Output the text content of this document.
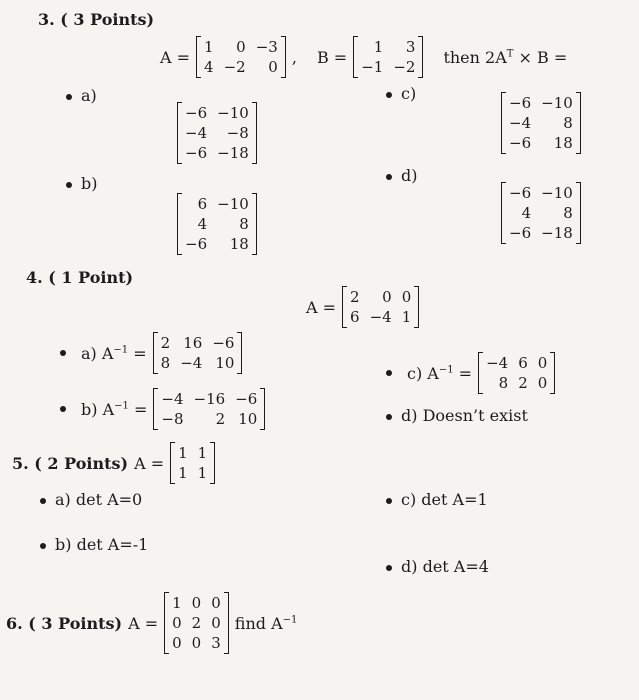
3. ( 3 Points)
A =
1	0 −3
4 −2	0
, B =
1	3
−1 −2
then $2A^T \times B$ =
a)
−6 −10
−4	−8
−6 −18
c)	−6 −10
−4	8
−6	18
b)
6 −10
4	8
−6	18
d)
−6 −10
4	8
−6 −18
4. ( 1 Point)
A =
2	0 0
6 −4 1
a) $A^{-1}$ =
2 16 −6
8 −4 10
c) $A^{-1}$ =
−4 6 0
8 2 0
b) $A^{-1}$ =
−4 −16 −6
−8	2 10	d) Doesn’t exist
5. ( 2 Points) A =
1 1
1 1
a) det A=0	c) det A=1
b) det A=-1
d) det A=4
6. ( 3 Points) A =
1 0 0
0 2 0
0 0 3
find $A^{-1}$
